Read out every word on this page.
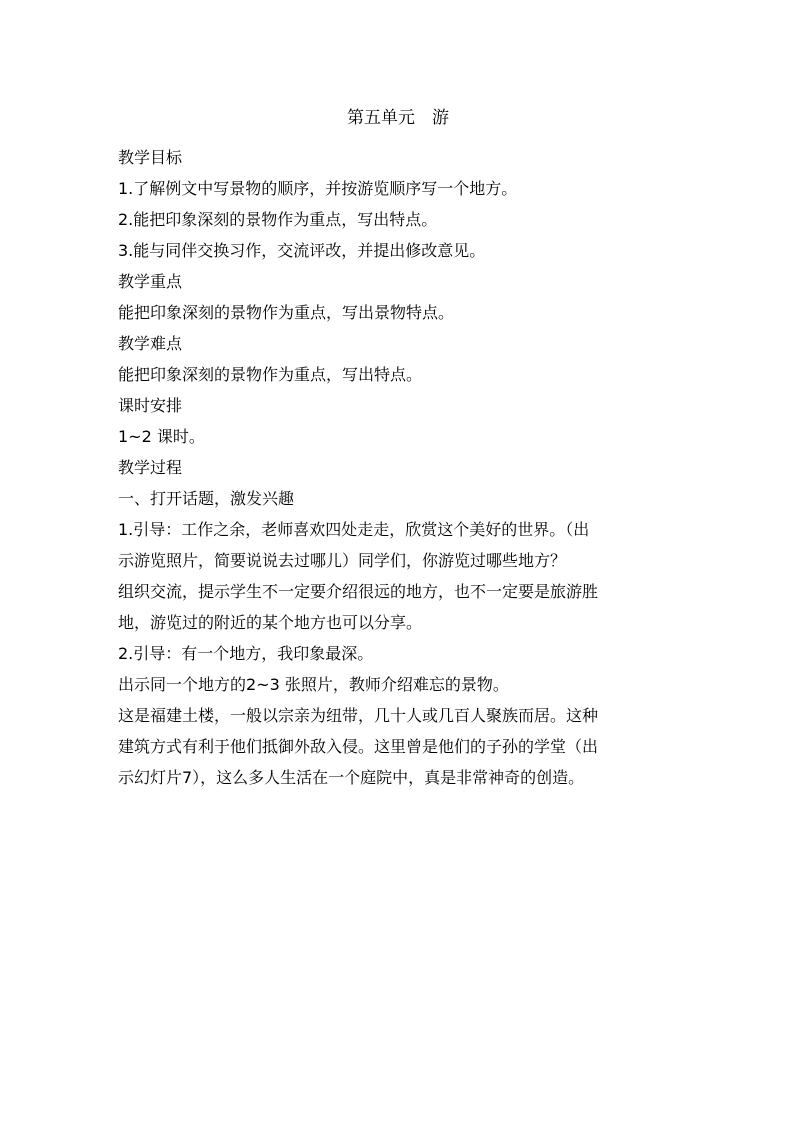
第五单元　游

教学目标

1.了解例文中写景物的顺序，并按游览顺序写一个地方。

2.能把印象深刻的景物作为重点，写出特点。

3.能与同伴交换习作，交流评改，并提出修改意见。

教学重点

能把印象深刻的景物作为重点，写出景物特点。

教学难点

能把印象深刻的景物作为重点，写出特点。

课时安排

1~2 课时。

教学过程

一、打开话题，激发兴趣

1.引导：工作之余，老师喜欢四处走走，欣赏这个美好的世界。（出

示游览照片，简要说说去过哪儿）同学们，你游览过哪些地方？

组织交流，提示学生不一定要介绍很远的地方，也不一定要是旅游胜

地，游览过的附近的某个地方也可以分享。

2.引导：有一个地方，我印象最深。

出示同一个地方的2~3 张照片，教师介绍难忘的景物。

这是福建土楼，一般以宗亲为纽带，几十人或几百人聚族而居。这种

建筑方式有利于他们抵御外敌入侵。这里曾是他们的子孙的学堂（出

示幻灯片7），这么多人生活在一个庭院中，真是非常神奇的创造。
